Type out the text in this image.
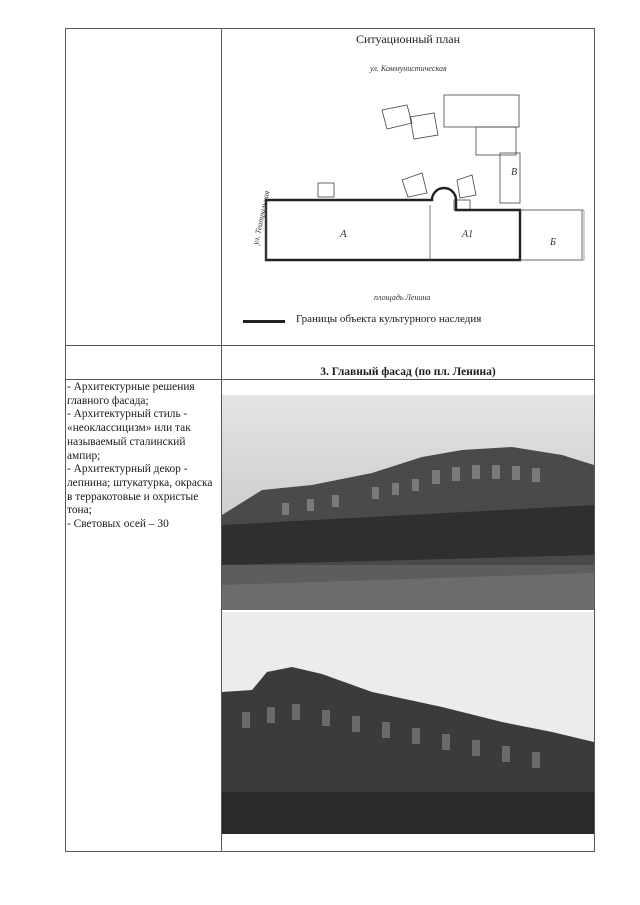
Ситуационный план
А	А1
Б
В
ул. Коммунистическая
площадь Ленина
ул. Театральная
Границы объекта культурного наследия
3. Главный фасад (по пл. Ленина)
- Архитектурные решения главного фасада;
- Архитектурный стиль - «неоклассицизм» или так называемый сталинский ампир;
- Архитектурный декор - лепнина; штукатурка, окраска в терракотовые и охристые тона;
- Световых осей – 30
